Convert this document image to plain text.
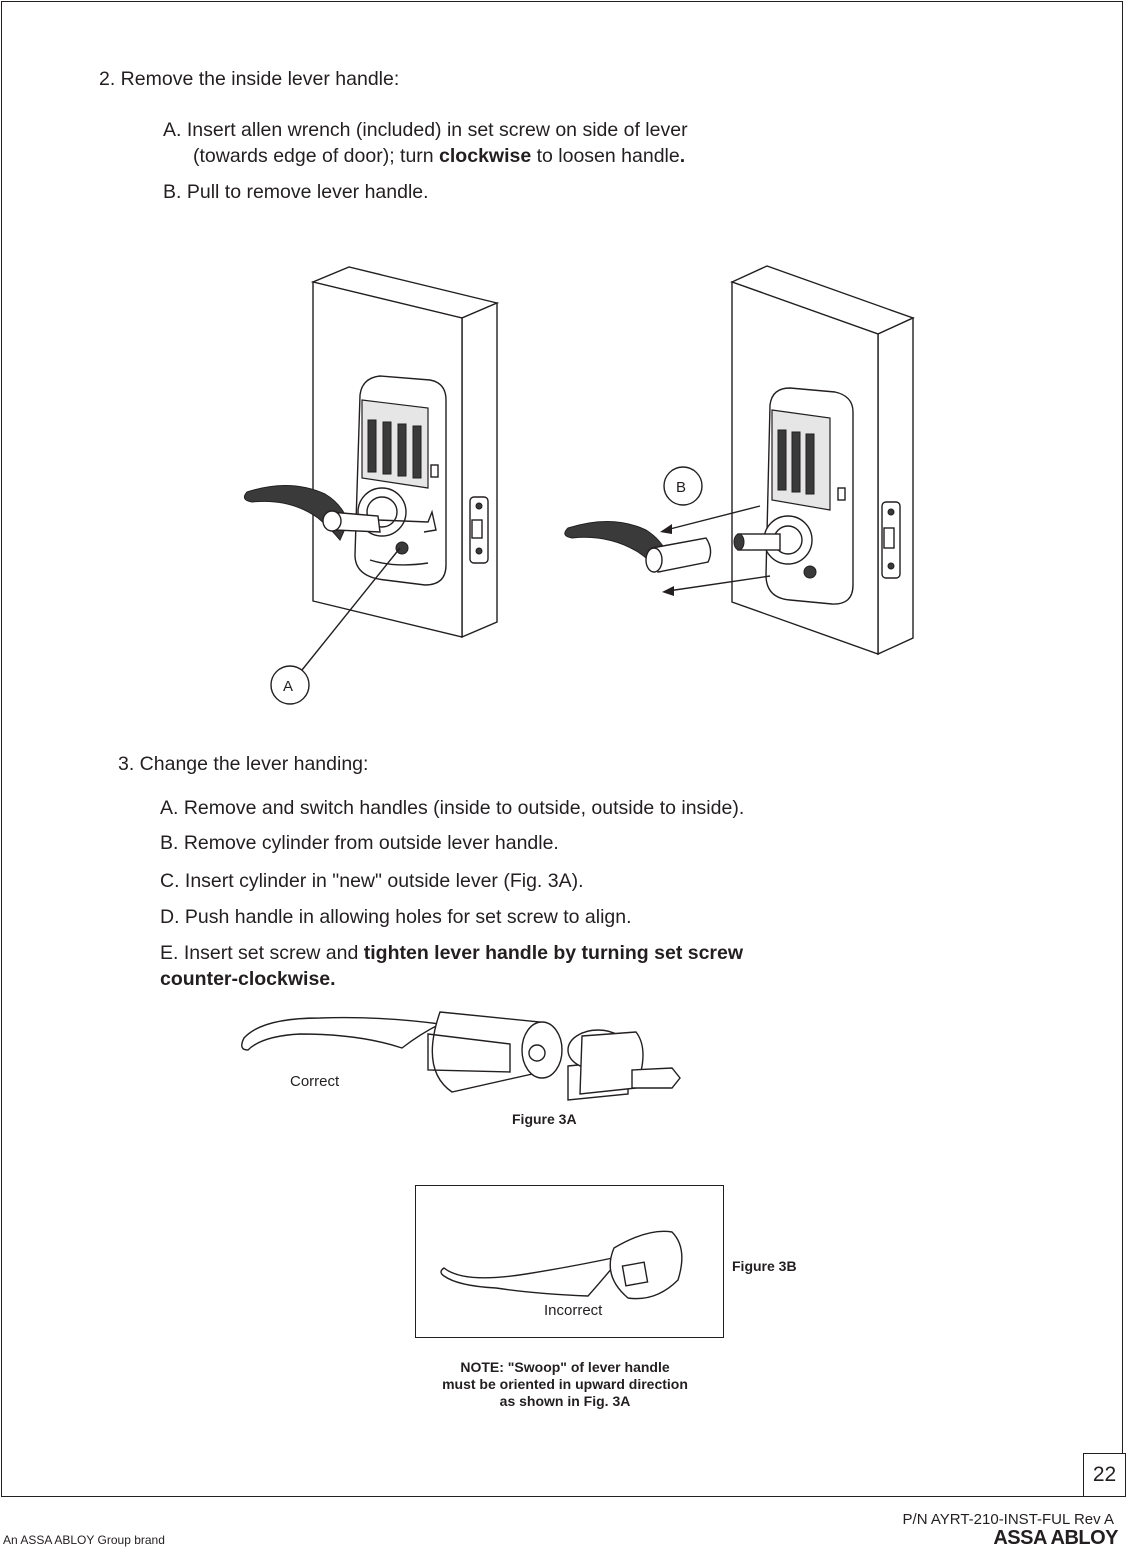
2. Remove the inside lever handle:
A. Insert allen wrench (included) in set screw on side of lever
(towards edge of door); turn clockwise to loosen handle.
B. Pull to remove lever handle.
A
B
3. Change the lever handing:
A. Remove and switch handles (inside to outside, outside to inside).
B. Remove cylinder from outside lever handle.
C. Insert cylinder in "new" outside lever (Fig. 3A).
D. Push handle in allowing holes for set screw to align.
E. Insert set screw and tighten lever handle by turning set screw
counter-clockwise.
Correct
Figure 3A
Incorrect
Figure 3B
NOTE: "Swoop" of lever handle
must be oriented in upward direction
as shown in Fig. 3A
22
P/N AYRT-210-INST-FUL Rev A
An ASSA ABLOY Group brand	ASSA ABLOY
